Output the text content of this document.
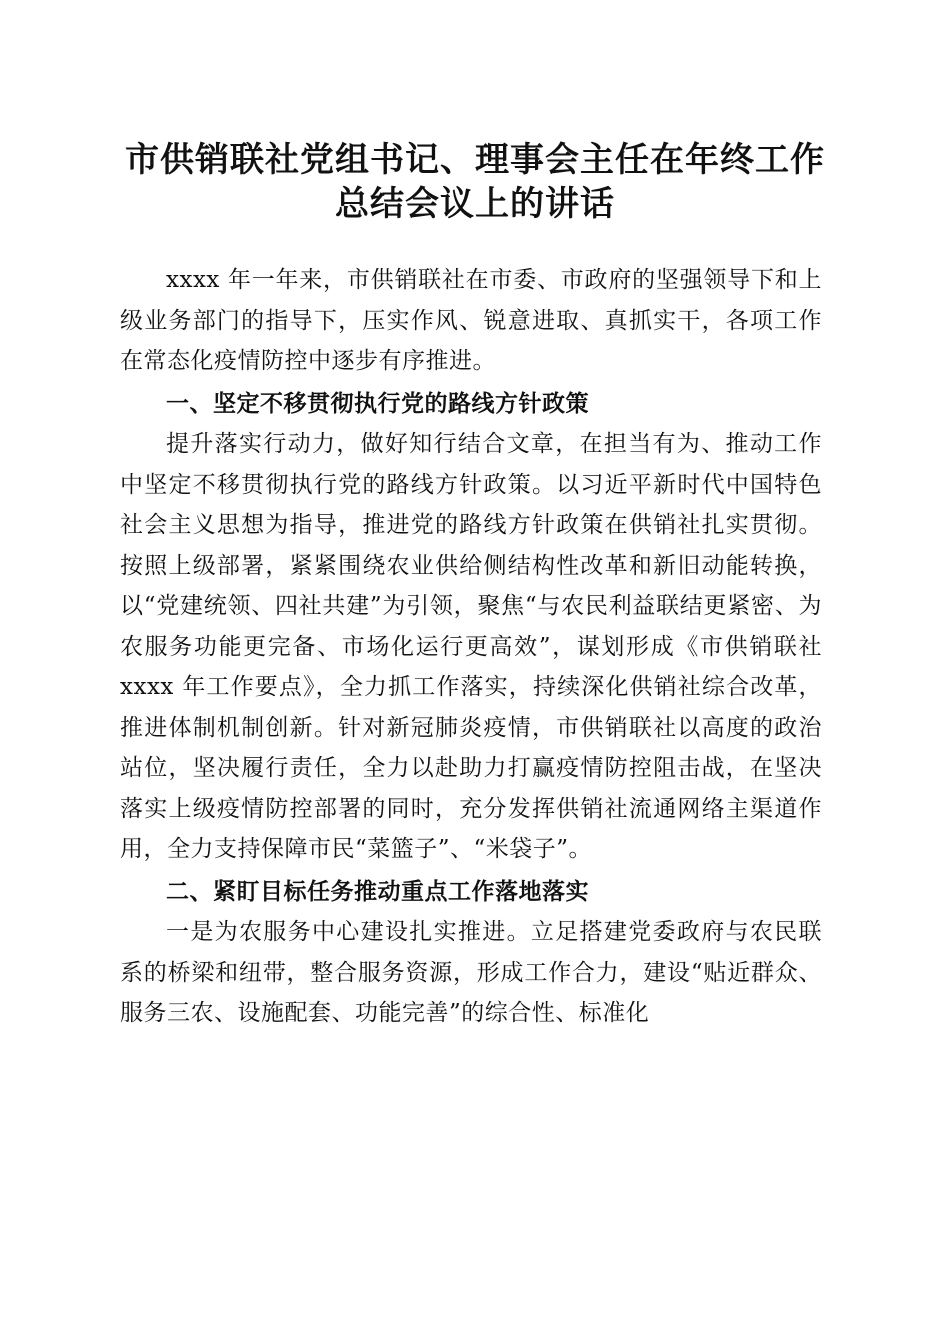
市供销联社党组书记、理事会主任在年终工作
总结会议上的讲话

xxxx 年一年来，市供销联社在市委、市政府的坚强领导下和上级业务部门的指导下，压实作风、锐意进取、真抓实干，各项工作在常态化疫情防控中逐步有序推进。

一、坚定不移贯彻执行党的路线方针政策

提升落实行动力，做好知行结合文章，在担当有为、推动工作中坚定不移贯彻执行党的路线方针政策。以习近平新时代中国特色社会主义思想为指导，推进党的路线方针政策在供销社扎实贯彻。按照上级部署，紧紧围绕农业供给侧结构性改革和新旧动能转换，以“党建统领、四社共建”为引领，聚焦“与农民利益联结更紧密、为农服务功能更完备、市场化运行更高效”，谋划形成《市供销联社 xxxx 年工作要点》，全力抓工作落实，持续深化供销社综合改革，推进体制机制创新。针对新冠肺炎疫情，市供销联社以高度的政治站位，坚决履行责任，全力以赴助力打赢疫情防控阻击战，在坚决落实上级疫情防控部署的同时，充分发挥供销社流通网络主渠道作用，全力支持保障市民“菜篮子”、“米袋子”。

二、紧盯目标任务推动重点工作落地落实

一是为农服务中心建设扎实推进。立足搭建党委政府与农民联系的桥梁和纽带，整合服务资源，形成工作合力，建设“贴近群众、服务三农、设施配套、功能完善”的综合性、标准化
